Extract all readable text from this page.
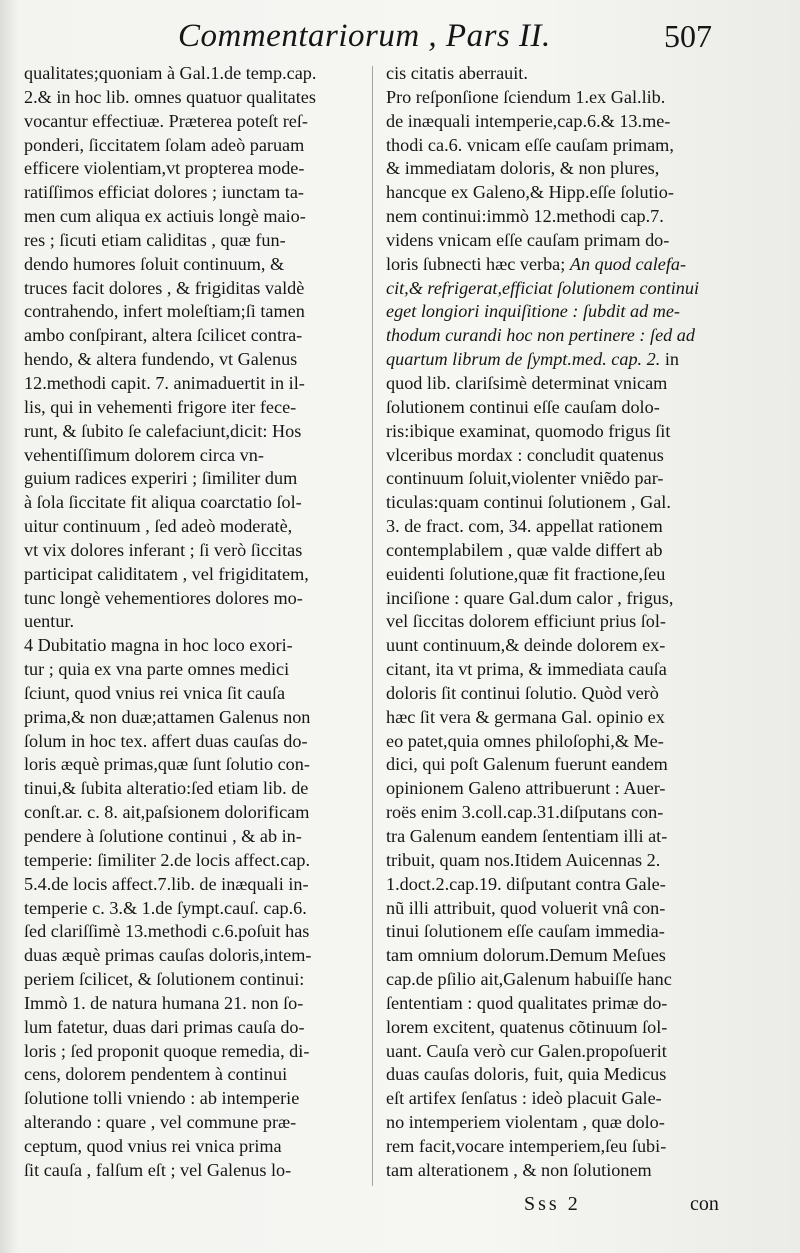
Commentariorum , Pars II.	507
qualitates;quoniam à Gal.1.de temp.cap.
2.& in hoc lib. omnes quatuor qualitates
vocantur effectiuæ. Præterea poteſt reſ-
ponderi, ſiccitatem ſolam adeò paruam
efficere violentiam,vt propterea mode-
ratiſſimos efficiat dolores ; iunctam ta-
men cum aliqua ex actiuis longè maio-
res ; ſicuti etiam caliditas , quæ fun-
dendo humores ſoluit continuum, &
truces facit dolores , & frigiditas valdè
contrahendo, infert moleſtiam;ſi tamen
ambo conſpirant, altera ſcilicet contra-
hendo, & altera fundendo, vt Galenus
12.methodi capit. 7. animaduertit in il-
lis, qui in vehementi frigore iter fece-
runt, & ſubito ſe calefaciunt,dicit: Hos
vehentiſſimum dolorem circa vn-
guium radices experiri ; ſimiliter dum
à ſola ſiccitate fit aliqua coarctatio ſol-
uitur continuum , ſed adeò moderatè,
vt vix dolores inferant ; ſi verò ſiccitas
participat caliditatem , vel frigiditatem,
tunc longè vehementiores dolores mo-
uentur.
4 Dubitatio magna in hoc loco exori-
tur ; quia ex vna parte omnes medici
ſciunt, quod vnius rei vnica ſit cauſa
prima,& non duæ;attamen Galenus non
ſolum in hoc tex. affert duas cauſas do-
loris æquè primas,quæ ſunt ſolutio con-
tinui,& ſubita alteratio:ſed etiam lib. de
conſt.ar. c. 8. ait,paſsionem dolorificam
pendere à ſolutione continui , & ab in-
temperie: ſimiliter 2.de locis affect.cap.
5.4.de locis affect.7.lib. de inæquali in-
temperie c. 3.& 1.de ſympt.cauſ. cap.6.
ſed clariſſimè 13.methodi c.6.poſuit has
duas æquè primas cauſas doloris,intem-
periem ſcilicet, & ſolutionem continui:
Immò 1. de natura humana 21. non ſo-
lum fatetur, duas dari primas cauſa do-
loris ; ſed proponit quoque remedia, di-
cens, dolorem pendentem à continui
ſolutione tolli vniendo : ab intemperie
alterando : quare , vel commune præ-
ceptum, quod vnius rei vnica prima
ſit cauſa , falſum eſt ; vel Galenus lo-
cis citatis aberrauit.
Pro reſponſione ſciendum 1.ex Gal.lib.
de inæquali intemperie,cap.6.& 13.me-
thodi ca.6. vnicam eſſe cauſam primam,
& immediatam doloris, & non plures,
hancque ex Galeno,& Hipp.eſſe ſolutio-
nem continui:immò 12.methodi cap.7.
videns vnicam eſſe cauſam primam do-
loris ſubnecti hæc verba; An quod calefa-
cit,& refrigerat,efficiat ſolutionem continui
eget longiori inquiſitione : ſubdit ad me-
thodum curandi hoc non pertinere : ſed ad
quartum librum de ſympt.med. cap. 2. in
quod lib. clariſsimè determinat vnicam
ſolutionem continui eſſe cauſam dolo-
ris:ibique examinat, quomodo frigus ſit
vlceribus mordax : concludit quatenus
continuum ſoluit,violenter vniẽdo par-
ticulas:quam continui ſolutionem , Gal.
3. de fract. com, 34. appellat rationem
contemplabilem , quæ valde differt ab
euidenti ſolutione,quæ fit fractione,ſeu
inciſione : quare Gal.dum calor , frigus,
vel ſiccitas dolorem efficiunt prius ſol-
uunt continuum,& deinde dolorem ex-
citant, ita vt prima, & immediata cauſa
doloris ſit continui ſolutio. Quòd verò
hæc ſit vera & germana Gal. opinio ex
eo patet,quia omnes philoſophi,& Me-
dici, qui poſt Galenum fuerunt eandem
opinionem Galeno attribuerunt : Auer-
roës enim 3.coll.cap.31.diſputans con-
tra Galenum eandem ſententiam illi at-
tribuit, quam nos.Itidem Auicennas 2.
1.doct.2.cap.19. diſputant contra Gale-
nũ illi attribuit, quod voluerit vnâ con-
tinui ſolutionem eſſe cauſam immedia-
tam omnium dolorum.Demum Meſues
cap.de pſilio ait,Galenum habuiſſe hanc
ſententiam : quod qualitates primæ do-
lorem excitent, quatenus cõtinuum ſol-
uant. Cauſa verò cur Galen.propoſuerit
duas cauſas doloris, fuit, quia Medicus
eſt artifex ſenſatus : ideò placuit Gale-
no intemperiem violentam , quæ dolo-
rem facit,vocare intemperiem,ſeu ſubi-
tam alterationem , & non ſolutionem
Sss 2	con
